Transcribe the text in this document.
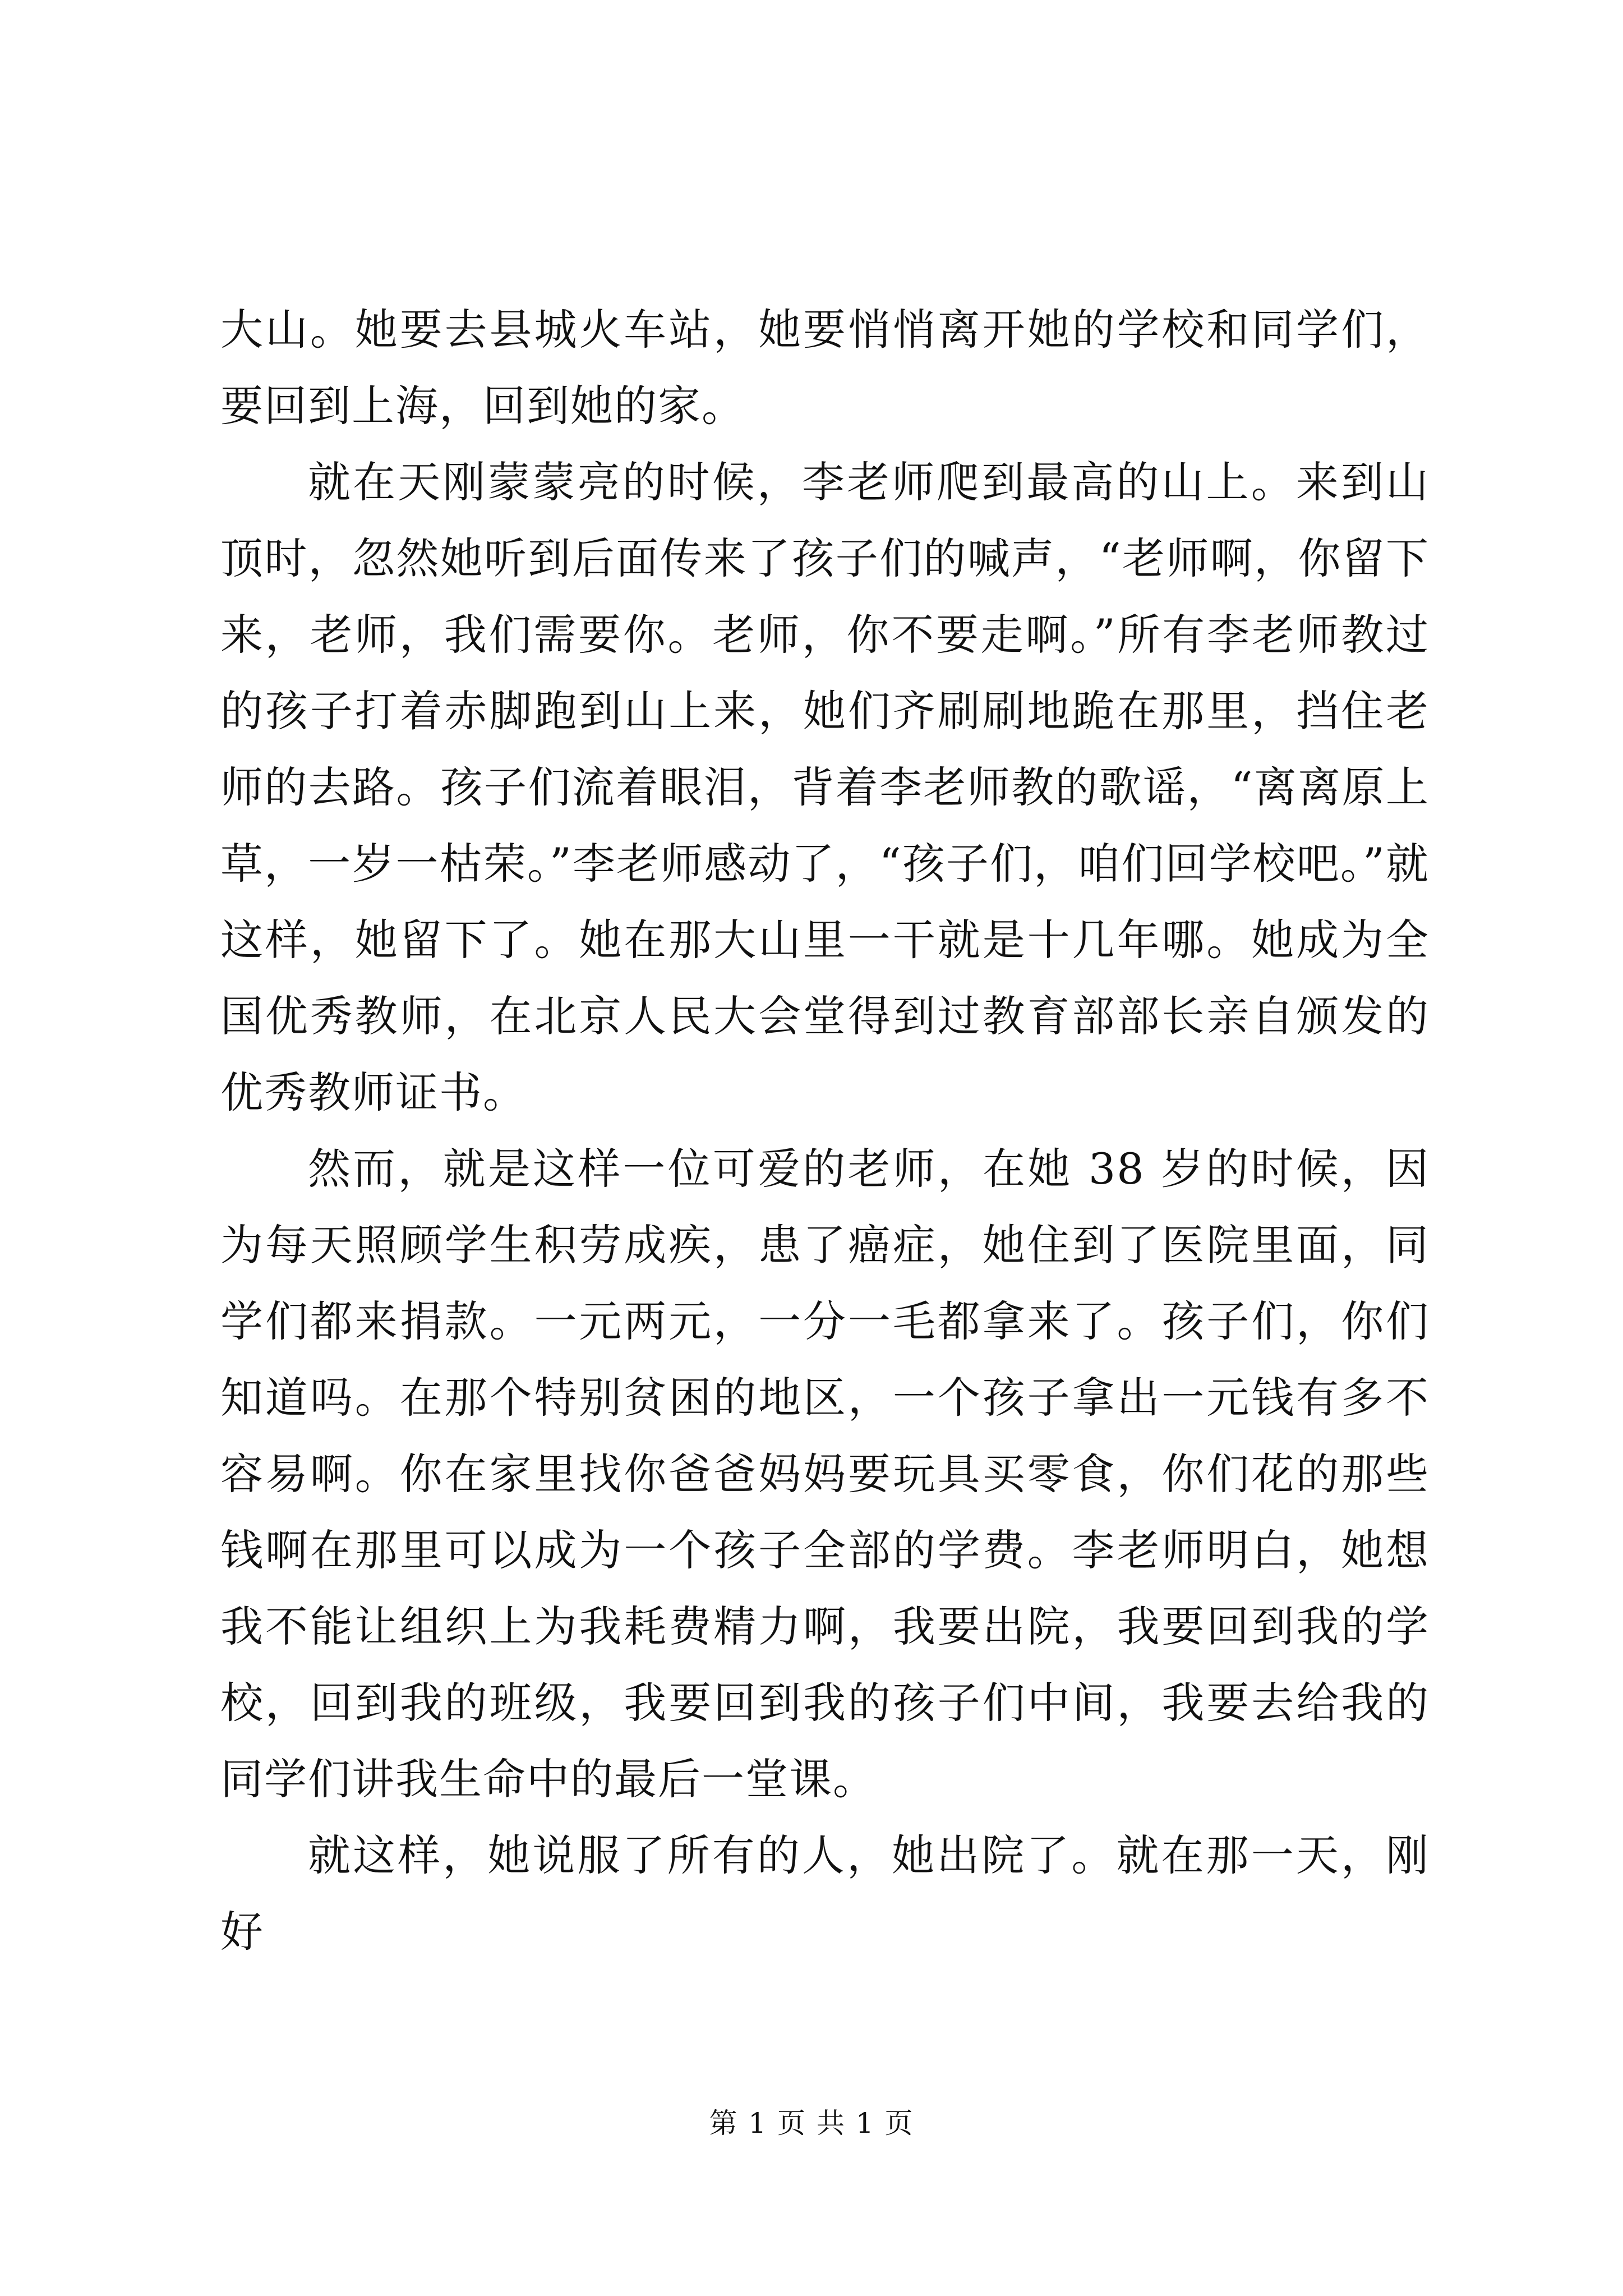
大山。她要去县城火车站，她要悄悄离开她的学校和同学们，要回到上海，回到她的家。

就在天刚蒙蒙亮的时候，李老师爬到最高的山上。来到山顶时，忽然她听到后面传来了孩子们的喊声，“老师啊，你留下来，老师，我们需要你。老师，你不要走啊。”所有李老师教过的孩子打着赤脚跑到山上来，她们齐刷刷地跪在那里，挡住老师的去路。孩子们流着眼泪，背着李老师教的歌谣，“离离原上草，一岁一枯荣。”李老师感动了，“孩子们，咱们回学校吧。”就这样，她留下了。她在那大山里一干就是十几年哪。她成为全国优秀教师，在北京人民大会堂得到过教育部部长亲自颁发的优秀教师证书。

然而，就是这样一位可爱的老师，在她 38 岁的时候，因为每天照顾学生积劳成疾，患了癌症，她住到了医院里面，同学们都来捐款。一元两元，一分一毛都拿来了。孩子们，你们知道吗。在那个特别贫困的地区，一个孩子拿出一元钱有多不容易啊。你在家里找你爸爸妈妈要玩具买零食，你们花的那些钱啊在那里可以成为一个孩子全部的学费。李老师明白，她想我不能让组织上为我耗费精力啊，我要出院，我要回到我的学校，回到我的班级，我要回到我的孩子们中间，我要去给我的同学们讲我生命中的最后一堂课。

就这样，她说服了所有的人，她出院了。就在那一天，刚好

第 1 页 共 1 页
